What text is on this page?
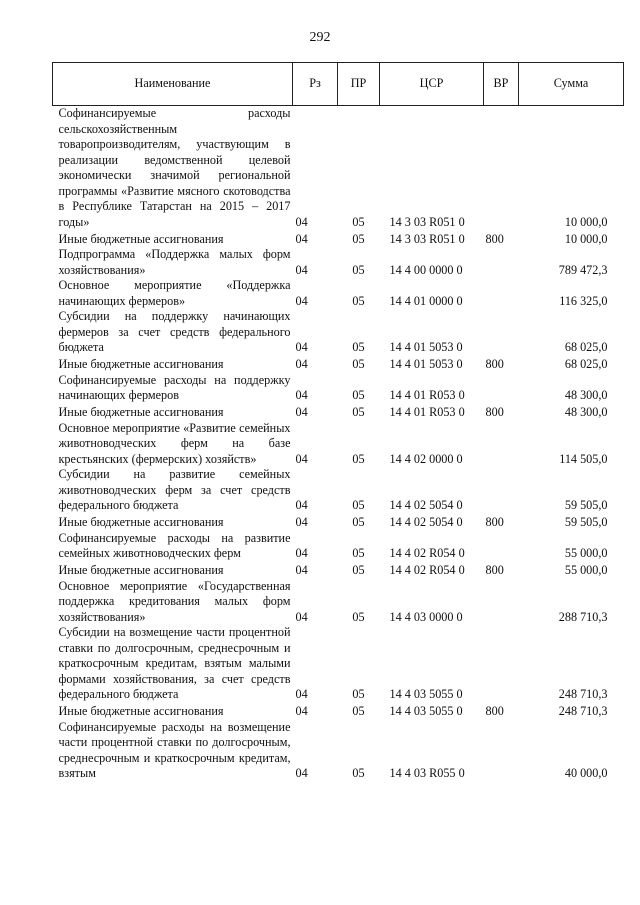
292
Наименование	Рз	ПР	ЦСР	ВР	Сумма
Софинансируемые расходы сельскохозяйственным товаропроизводителям, участвующим в реализации ведомственной целевой экономически значимой региональной программы «Развитие мясного скотоводства в Республике Татарстан на 2015 – 2017 годы»	04	05	14 3 03 R051 0		10 000,0
Иные бюджетные ассигнования	04	05	14 3 03 R051 0	800	10 000,0
Подпрограмма «Поддержка малых форм хозяйствования»	04	05	14 4 00 0000 0		789 472,3
Основное мероприятие «Поддержка начинающих фермеров»	04	05	14 4 01 0000 0		116 325,0
Субсидии на поддержку начинающих фермеров за счет средств федерального бюджета	04	05	14 4 01 5053 0		68 025,0
Иные бюджетные ассигнования	04	05	14 4 01 5053 0	800	68 025,0
Софинансируемые расходы на поддержку начинающих фермеров	04	05	14 4 01 R053 0		48 300,0
Иные бюджетные ассигнования	04	05	14 4 01 R053 0	800	48 300,0
Основное мероприятие «Развитие семейных животноводческих ферм на базе крестьянских (фермерских) хозяйств»	04	05	14 4 02 0000 0		114 505,0
Субсидии на развитие семейных животноводческих ферм за счет средств федерального бюджета	04	05	14 4 02 5054 0		59 505,0
Иные бюджетные ассигнования	04	05	14 4 02 5054 0	800	59 505,0
Софинансируемые расходы на развитие семейных животноводческих ферм	04	05	14 4 02 R054 0		55 000,0
Иные бюджетные ассигнования	04	05	14 4 02 R054 0	800	55 000,0
Основное мероприятие «Государственная поддержка кредитования малых форм хозяйствования»	04	05	14 4 03 0000 0		288 710,3
Субсидии на возмещение части процентной ставки по долгосрочным, среднесрочным и краткосрочным кредитам, взятым малыми формами хозяйствования, за счет средств федерального бюджета	04	05	14 4 03 5055 0		248 710,3
Иные бюджетные ассигнования	04	05	14 4 03 5055 0	800	248 710,3
Софинансируемые расходы на возмещение части процентной ставки по долгосрочным, среднесрочным и краткосрочным кредитам, взятым	04	05	14 4 03 R055 0		40 000,0
